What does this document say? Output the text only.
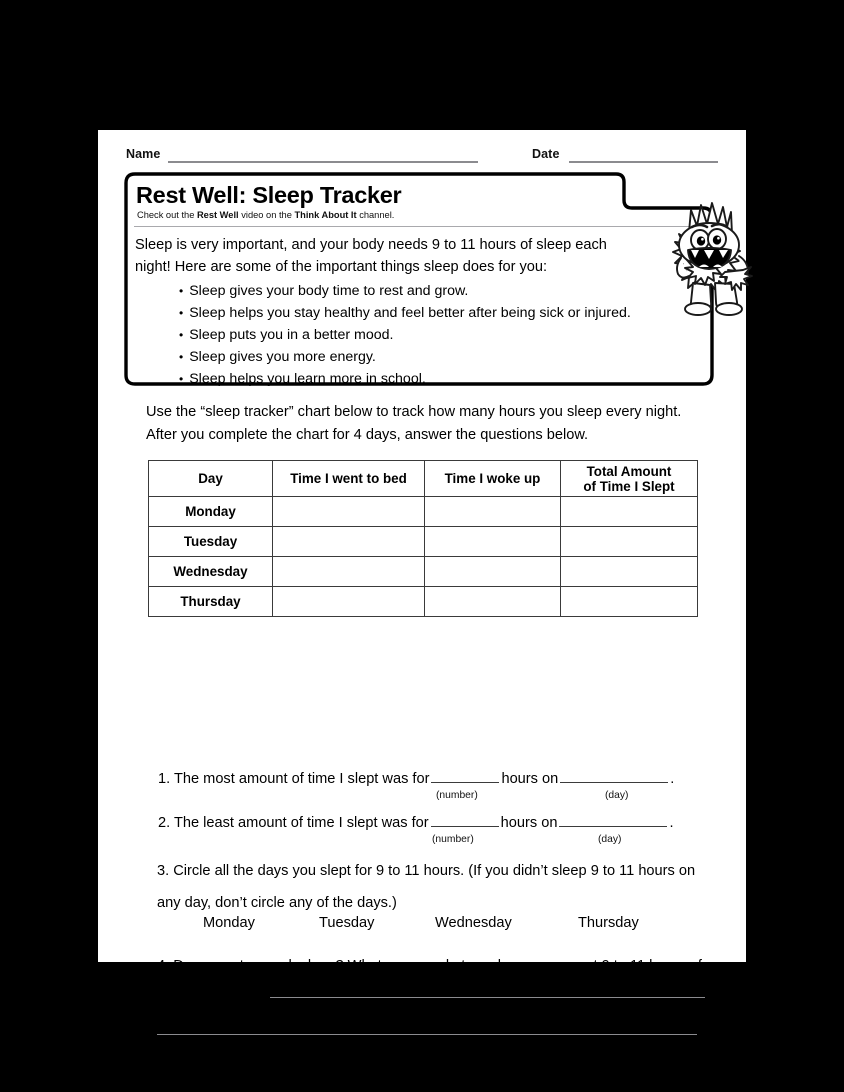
Name	Date
Rest Well: Sleep Tracker
Check out the Rest Well video on the Think About It channel.
Sleep is very important, and your body needs 9 to 11 hours of sleep each night! Here are some of the important things sleep does for you:
• Sleep gives your body time to rest and grow.
• Sleep helps you stay healthy and feel better after being sick or injured.
• Sleep puts you in a better mood.
• Sleep gives you more energy.
• Sleep helps you learn more in school.
Use the “sleep tracker” chart below to track how many hours you sleep every night. After you complete the chart for 4 days, answer the questions below.
Day	Time I went to bed	Time I woke up	Total Amount
of Time I Slept
Monday			
Tuesday			
Wednesday			
Thursday			
1. The most amount of time I slept was for	hours on	.
(number)	(day)
2. The least amount of time I slept was for	hours on	.
(number)	(day)
3. Circle all the days you slept for 9 to 11 hours. (If you didn’t sleep 9 to 11 hours on any day, don’t circle any of the days.)
Monday	Tuesday	Wednesday	Thursday
4. Do you get enough sleep? What can you do to make sure you get 9 to 11 hours of sleep a night?
.
